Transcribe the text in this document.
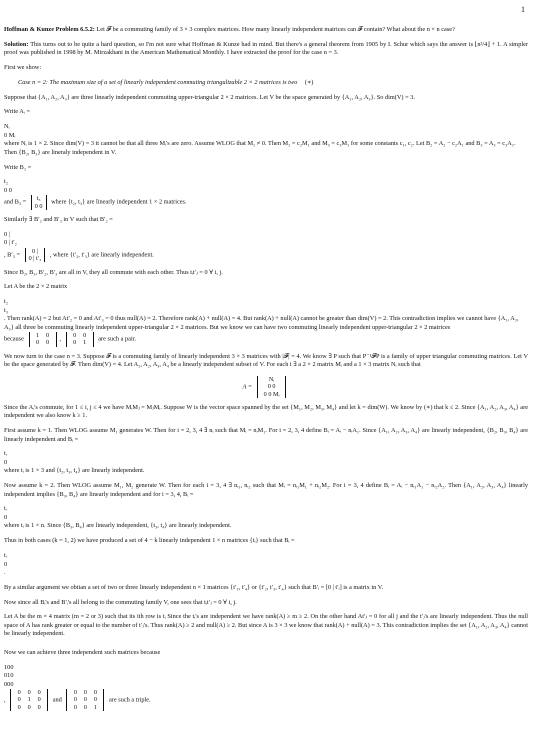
1

Hoffman & Kunze Problem 6.5.2: Let 𝓕 be a commuting family of 3 × 3 complex matrices. How many linearly independent matrices can 𝓕 contain? What about the n × n case?

Solution: This turns out to be quite a hard question, so I'm not sure what Hoffman & Kunze had in mind. But there's a general theorem from 1905 by I. Schur which says the answer is ⌊n²/4⌋ + 1. A simpler proof was published in 1998 by M. Mirzakhani in the American Mathematical Monthly. I have extracted the proof for the case n = 3.

First we show:

Case n = 2: The maximum size of a set of linearly independent commuting triangulizable 2 × 2 matrices is two (∗)

Suppose that {A₁, A₂, A₃} are three linearly independent commuting upper-triangular 2 × 2 matrices. Let V be the space generated by {A₁, A₂, A₃}. So dim(V) = 3.

Write Aᵢ =

Nᵢ
0 Mᵢ
where Nᵢ is 1 × 2. Since dim(V) = 3 it cannot be that all three Mᵢ's are zero. Assume WLOG that M₁ ≠ 0. Then M₂ = c₂M₁ and M₃ = c₃M₁ for some constants c₁, c₂. Let B₂ = A₂ − c₂A₁ and B₃ = A₃ = c₃A₁. Then {B₂, B₃} are lineraly independent in V.

Write B₂ =

t₂
0 0
and B₃ =
t₃
0 0
where {t₂, t₃} are linearly independent 1 × 2 matrices.

Similarly ∃ B′₂ and B′₃ in V such that B′₂ =

0 |
0 | t′₂
, B′₃ =
0 |
0 | t′₃
, where {t′₂, t′₃} are linearly independent.

Since B₂, B₃, B′₂, B′₃ are all in V, they all commute with each other. Thus tᵢt′ⱼ = 0 ∀ i, j.

Let A be the 2 × 2 matrix

t₂
t₃
. Then rank(A) = 2 but At′₂ = 0 and At′₃ = 0 thus null(A) = 2. Therefore rank(A) + null(A) = 4. But rank(A) + null(A) cannot be greater than dim(V) = 2. This contradiction implies we cannot have {A₁, A₂, A₃} all three be commuting linearly independent upper-triangular 2 × 2 matrices. But we know we can have two commuting linearly independent upper-triangular 2 × 2 matrices
because
1 0
0 0
,
0 0
0 1
are such a pair.

We now turn to the case n = 3. Suppose 𝓕 is a commuting family of linearly independent 3 × 3 matrices with |𝓕| = 4. We know ∃ P such that P⁻¹𝓕P is a family of upper triangular commuting matrices. Let V be the space generated by 𝓕. Then dim(V) = 4. Let A₁, A₂, A₃, A₄ be a linearly independent subset of V. For each i ∃ a 2 × 2 matrix Mᵢ and a 1 × 3 matrix Nᵢ such that

A =
Nᵢ
0 0
0 0 Mᵢ

Since the Aᵢ's commute, for 1 ≤ i, j ≤ 4 we have MᵢMⱼ = MⱼMᵢ. Suppose W is the vector space spanned by the set {M₁, M₂, M₃, M₄} and let k = dim(W). We know by (∗) that k ≤ 2. Since {A₁, A₂, A₃, A₄} are independent we also know k ≥ 1.

First assume k = 1. Then WLOG assume M₁ generates W. Then for i = 2, 3, 4 ∃ nᵢ such that Mᵢ = nᵢM₁. For i = 2, 3, 4 define Bᵢ = Aᵢ − nᵢA₁. Since {A₁, A₂, A₃, A₄} are linearly independent, {B₂, B₃, B₄} are linearly independent and Bᵢ =

tᵢ
0
where tᵢ is 1 × 3 and {t₂, t₃, t₄} are linearly independent.

Now assume k = 2. Then WLOG assume M₁, M₂ generate W. Then for each i = 3, 4 ∃ nᵢ₁, nᵢ₂ such that Mᵢ = nᵢ₁M₁ + nᵢ₂M₂. For i = 3, 4 define Bᵢ = Aᵢ − nᵢ₁A₁ − nᵢ₂A₂. Then {A₁, A₂, A₃, A₄} linearly independent implies {B₃, B₄} are linearly independent and for i = 3, 4, Bᵢ =

tᵢ
0
where tᵢ is 1 × n. Since {B₃, B₄} are linearly independent, {t₃, t₄} are linearly independent.

Thus in both cases (k = 1, 2) we have produced a set of 4 − k linearly independent 1 × n matrices {tᵢ} such that Bᵢ =

tᵢ
0
.

By a similar argument we obtian a set of two or three linearly independent n × 1 matrices {t′₃, t′₄} or {t′₂, t′₃, t′₄} such that B′ᵢ = [0 | t′ᵢ] is a matrix in V.

Now since all Bᵢ's and B′ᵢ's all belong to the commuting family V, one sees that tᵢt′ⱼ = 0 ∀ i, j.

Let A be the m × 4 matrix (m = 2 or 3) such that its ith row is tᵢ Since the tᵢ's are independent we have rank(A) ≥ m ≥ 2. On the other hand At′ⱼ = 0 for all j and the t′ⱼ's are linearly independent. Thus the null space of A has rank greater or equal to the number of t′ⱼ's. Thus rank(A) ≥ 2 and null(A) ≥ 2. But since A is 3 × 3 we know that rank(A) + null(A) = 3. This contradiction implies the set {A₁, A₂, A₃, A₄} cannot be linearly independent.

Now we can achieve three independent such matrices because

100
010
000
,
0 0 0
0 1 0
0 0 0
and
0 0 0
0 0 0
0 0 1
are such a triple.
